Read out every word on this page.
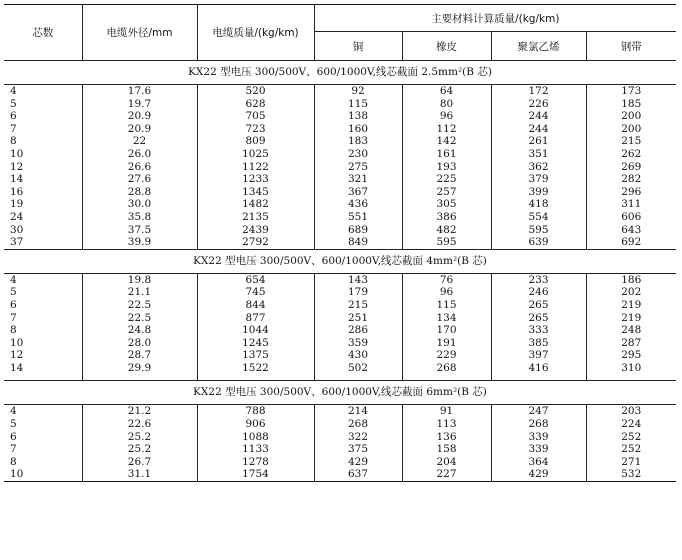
芯数	电缆外径/mm	电缆质量/(kg/km)	主要材料计算质量/(kg/km)			
			铜	橡皮	聚氯乙烯	钢带
KX22 型电压 300/500V、600/1000V,线芯截面 2.5mm²(B 芯)						
4	17.6	520	92	64	172	173
5	19.7	628	115	80	226	185
6	20.9	705	138	96	244	200
7	20.9	723	160	112	244	200
8	22	809	183	142	261	215
10	26.0	1025	230	161	351	262
12	26.6	1122	275	193	362	269
14	27.6	1233	321	225	379	282
16	28.8	1345	367	257	399	296
19	30.0	1482	436	305	418	311
24	35.8	2135	551	386	554	606
30	37.5	2439	689	482	595	643
37	39.9	2792	849	595	639	692
KX22 型电压 300/500V、600/1000V,线芯截面 4mm²(B 芯)						
4	19.8	654	143	76	233	186
5	21.1	745	179	96	246	202
6	22.5	844	215	115	265	219
7	22.5	877	251	134	265	219
8	24.8	1044	286	170	333	248
10	28.0	1245	359	191	385	287
12	28.7	1375	430	229	397	295
14	29.9	1522	502	268	416	310

KX22 型电压 300/500V、600/1000V,线芯截面 6mm²(B 芯)						
4	21.2	788	214	91	247	203
5	22.6	906	268	113	268	224
6	25.2	1088	322	136	339	252
7	25.2	1133	375	158	339	252
8	26.7	1278	429	204	364	271
10	31.1	1754	637	227	429	532
